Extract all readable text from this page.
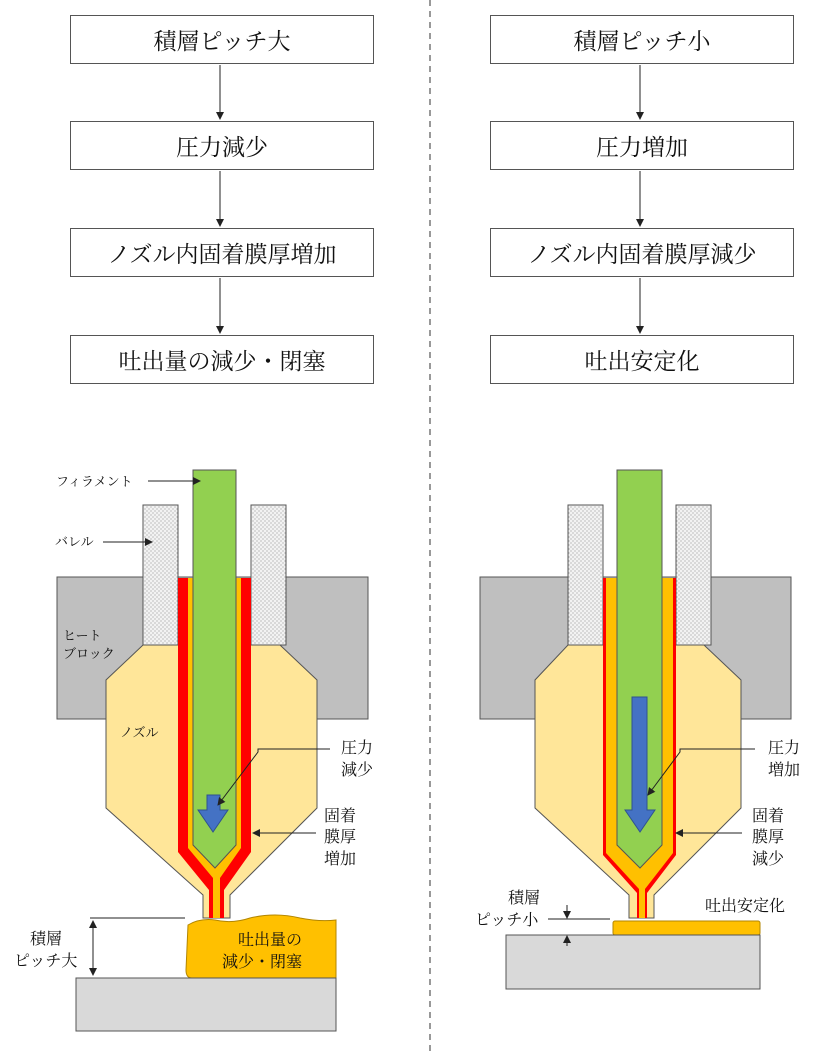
積層ピッチ大
圧力減少
ノズル内固着膜厚増加
吐出量の減少・閉塞
積層ピッチ小
圧力増加
ノズル内固着膜厚減少
吐出安定化
フィラメント
バレル
ヒート
ブロック
ノズル
圧力
減少
固着
膜厚
増加
積層
ピッチ大
吐出量の
減少・閉塞
圧力
増加
固着
膜厚
減少
積層
ピッチ小
吐出安定化
